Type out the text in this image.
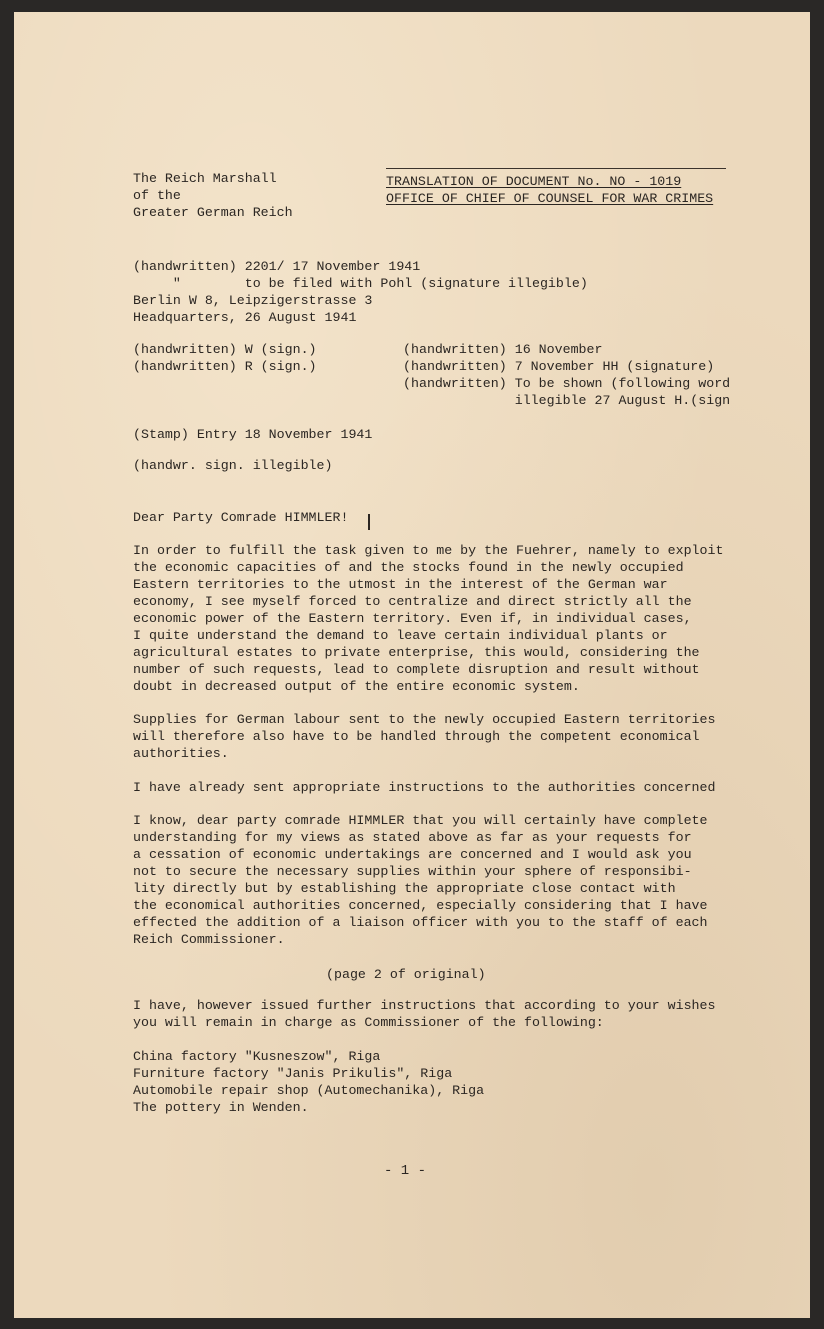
The Reich Marshall
of the
Greater German Reich
TRANSLATION OF DOCUMENT No. NO - 1019
OFFICE OF CHIEF OF COUNSEL FOR WAR CRIMES
(handwritten) 2201/ 17 November 1941
"        to be filed with Pohl (signature illegible)
Berlin W 8, Leipzigerstrasse 3
Headquarters, 26 August 1941
(handwritten) W (sign.)
(handwritten) R (sign.)
(handwritten) 16 November
(handwritten) 7 November HH (signature)
(handwritten) To be shown (following word
illegible 27 August H.(sign
(Stamp) Entry 18 November 1941
(handwr. sign. illegible)
Dear Party Comrade HIMMLER!
In order to fulfill the task given to me by the Fuehrer, namely to exploit
the economic capacities of and the stocks found in the newly occupied
Eastern territories to the utmost in the interest of the German war
economy, I see myself forced to centralize and direct strictly all the
economic power of the Eastern territory. Even if, in individual cases,
I quite understand the demand to leave certain individual plants or
agricultural estates to private enterprise, this would, considering the
number of such requests, lead to complete disruption and result without
doubt in decreased output of the entire economic system.
Supplies for German labour sent to the newly occupied Eastern territories
will therefore also have to be handled through the competent economical
authorities.
I have already sent appropriate instructions to the authorities concerned
I know, dear party comrade HIMMLER that you will certainly have complete
understanding for my views as stated above as far as your requests for
a cessation of economic undertakings are concerned and I would ask you
not to secure the necessary supplies within your sphere of responsibi-
lity directly but by establishing the appropriate close contact with
the economical authorities concerned, especially considering that I have
effected the addition of a liaison officer with you to the staff of each
Reich Commissioner.
(page 2 of original)
I have, however issued further instructions that according to your wishes
you will remain in charge as Commissioner of the following:
China factory "Kusneszow", Riga
Furniture factory "Janis Prikulis", Riga
Automobile repair shop (Automechanika), Riga
The pottery in Wenden.
- 1 -
